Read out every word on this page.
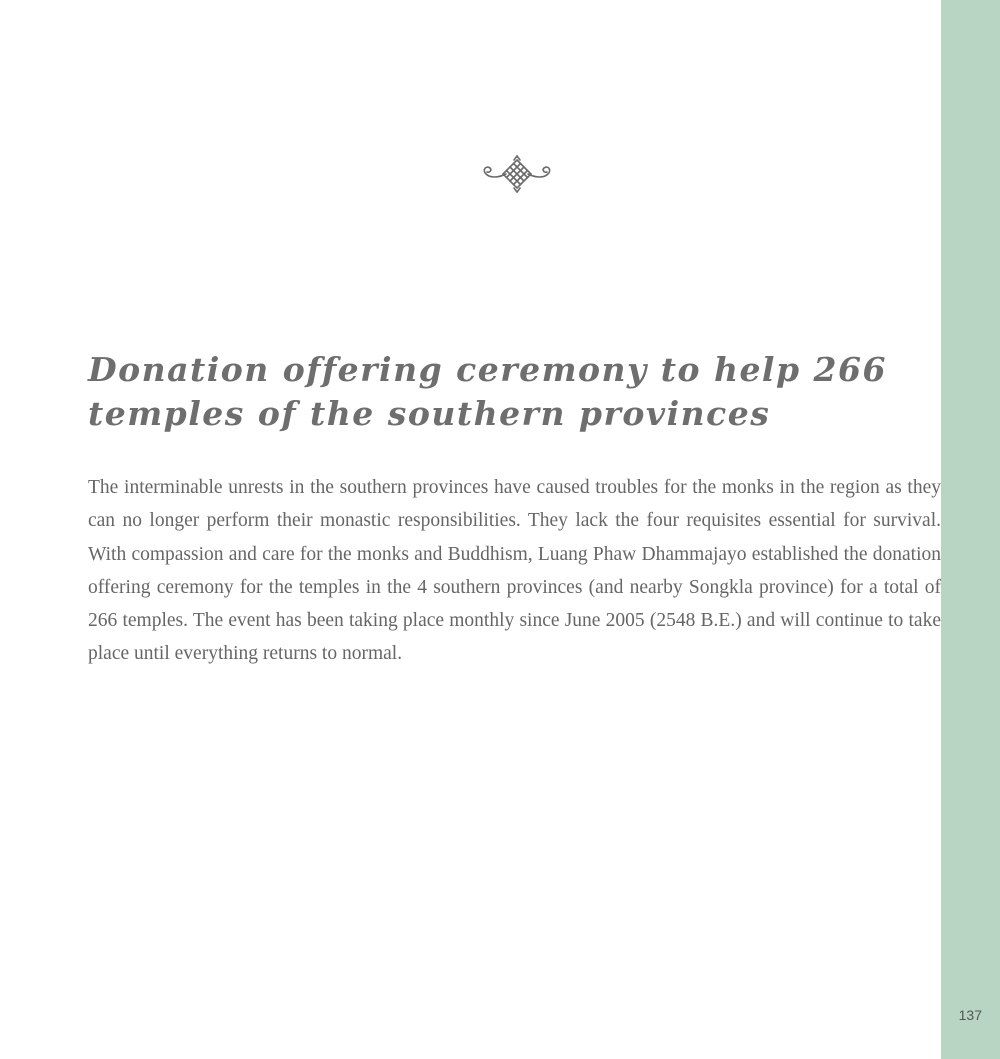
Donation offering ceremony to help 266
temples of the southern provinces

The interminable unrests in the southern provinces have caused troubles for the monks in the region as they can no longer perform their monastic responsibilities. They lack the four requisites essential for survival. With compassion and care for the monks and Buddhism, Luang Phaw Dhammajayo established the donation offering ceremony for the temples in the 4 southern provinces (and nearby Songkla province) for a total of 266 temples. The event has been taking place monthly since June 2005 (2548 B.E.) and will continue to take place until everything returns to normal.

137
